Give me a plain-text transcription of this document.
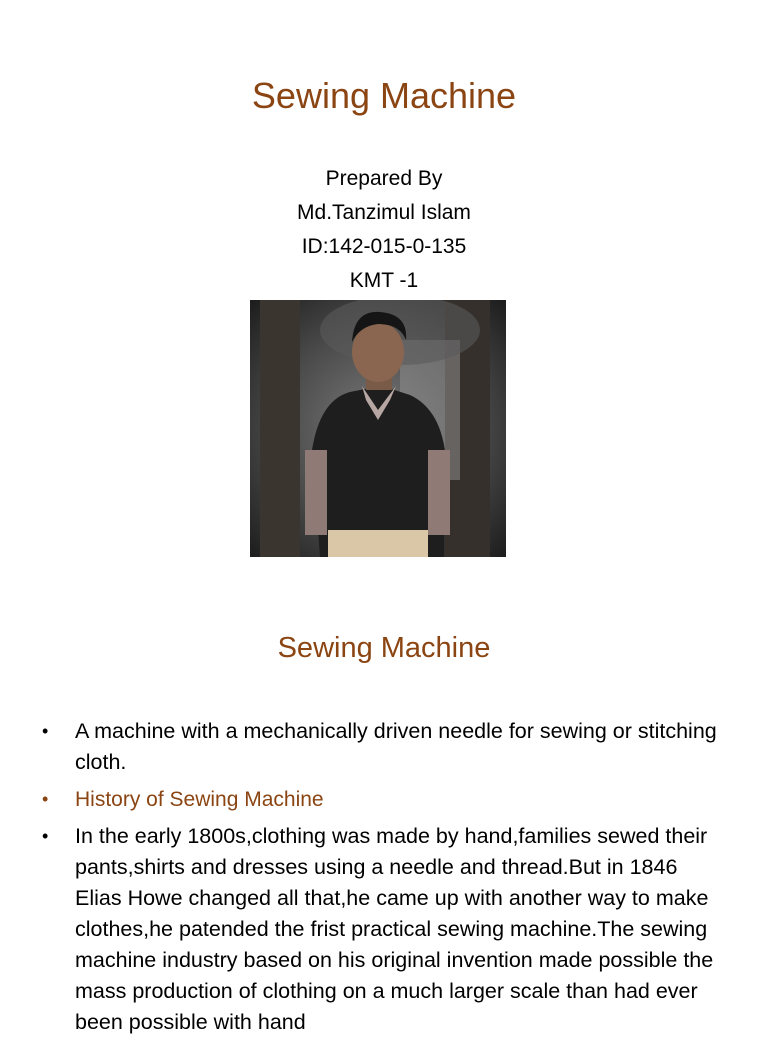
Sewing Machine
Prepared By
Md.Tanzimul Islam
ID:142-015-0-135
KMT -1
Sewing Machine
• A machine with a mechanically driven needle for sewing or stitching cloth.
• History of Sewing Machine
• In the early 1800s,clothing was made by hand,families sewed their pants,shirts and dresses using a needle and thread.But in 1846 Elias Howe changed all that,he came up with another way to make clothes,he patended the frist practical sewing machine.The sewing machine industry based on his original invention made possible the mass production of clothing on a much larger scale than had ever been possible with hand
